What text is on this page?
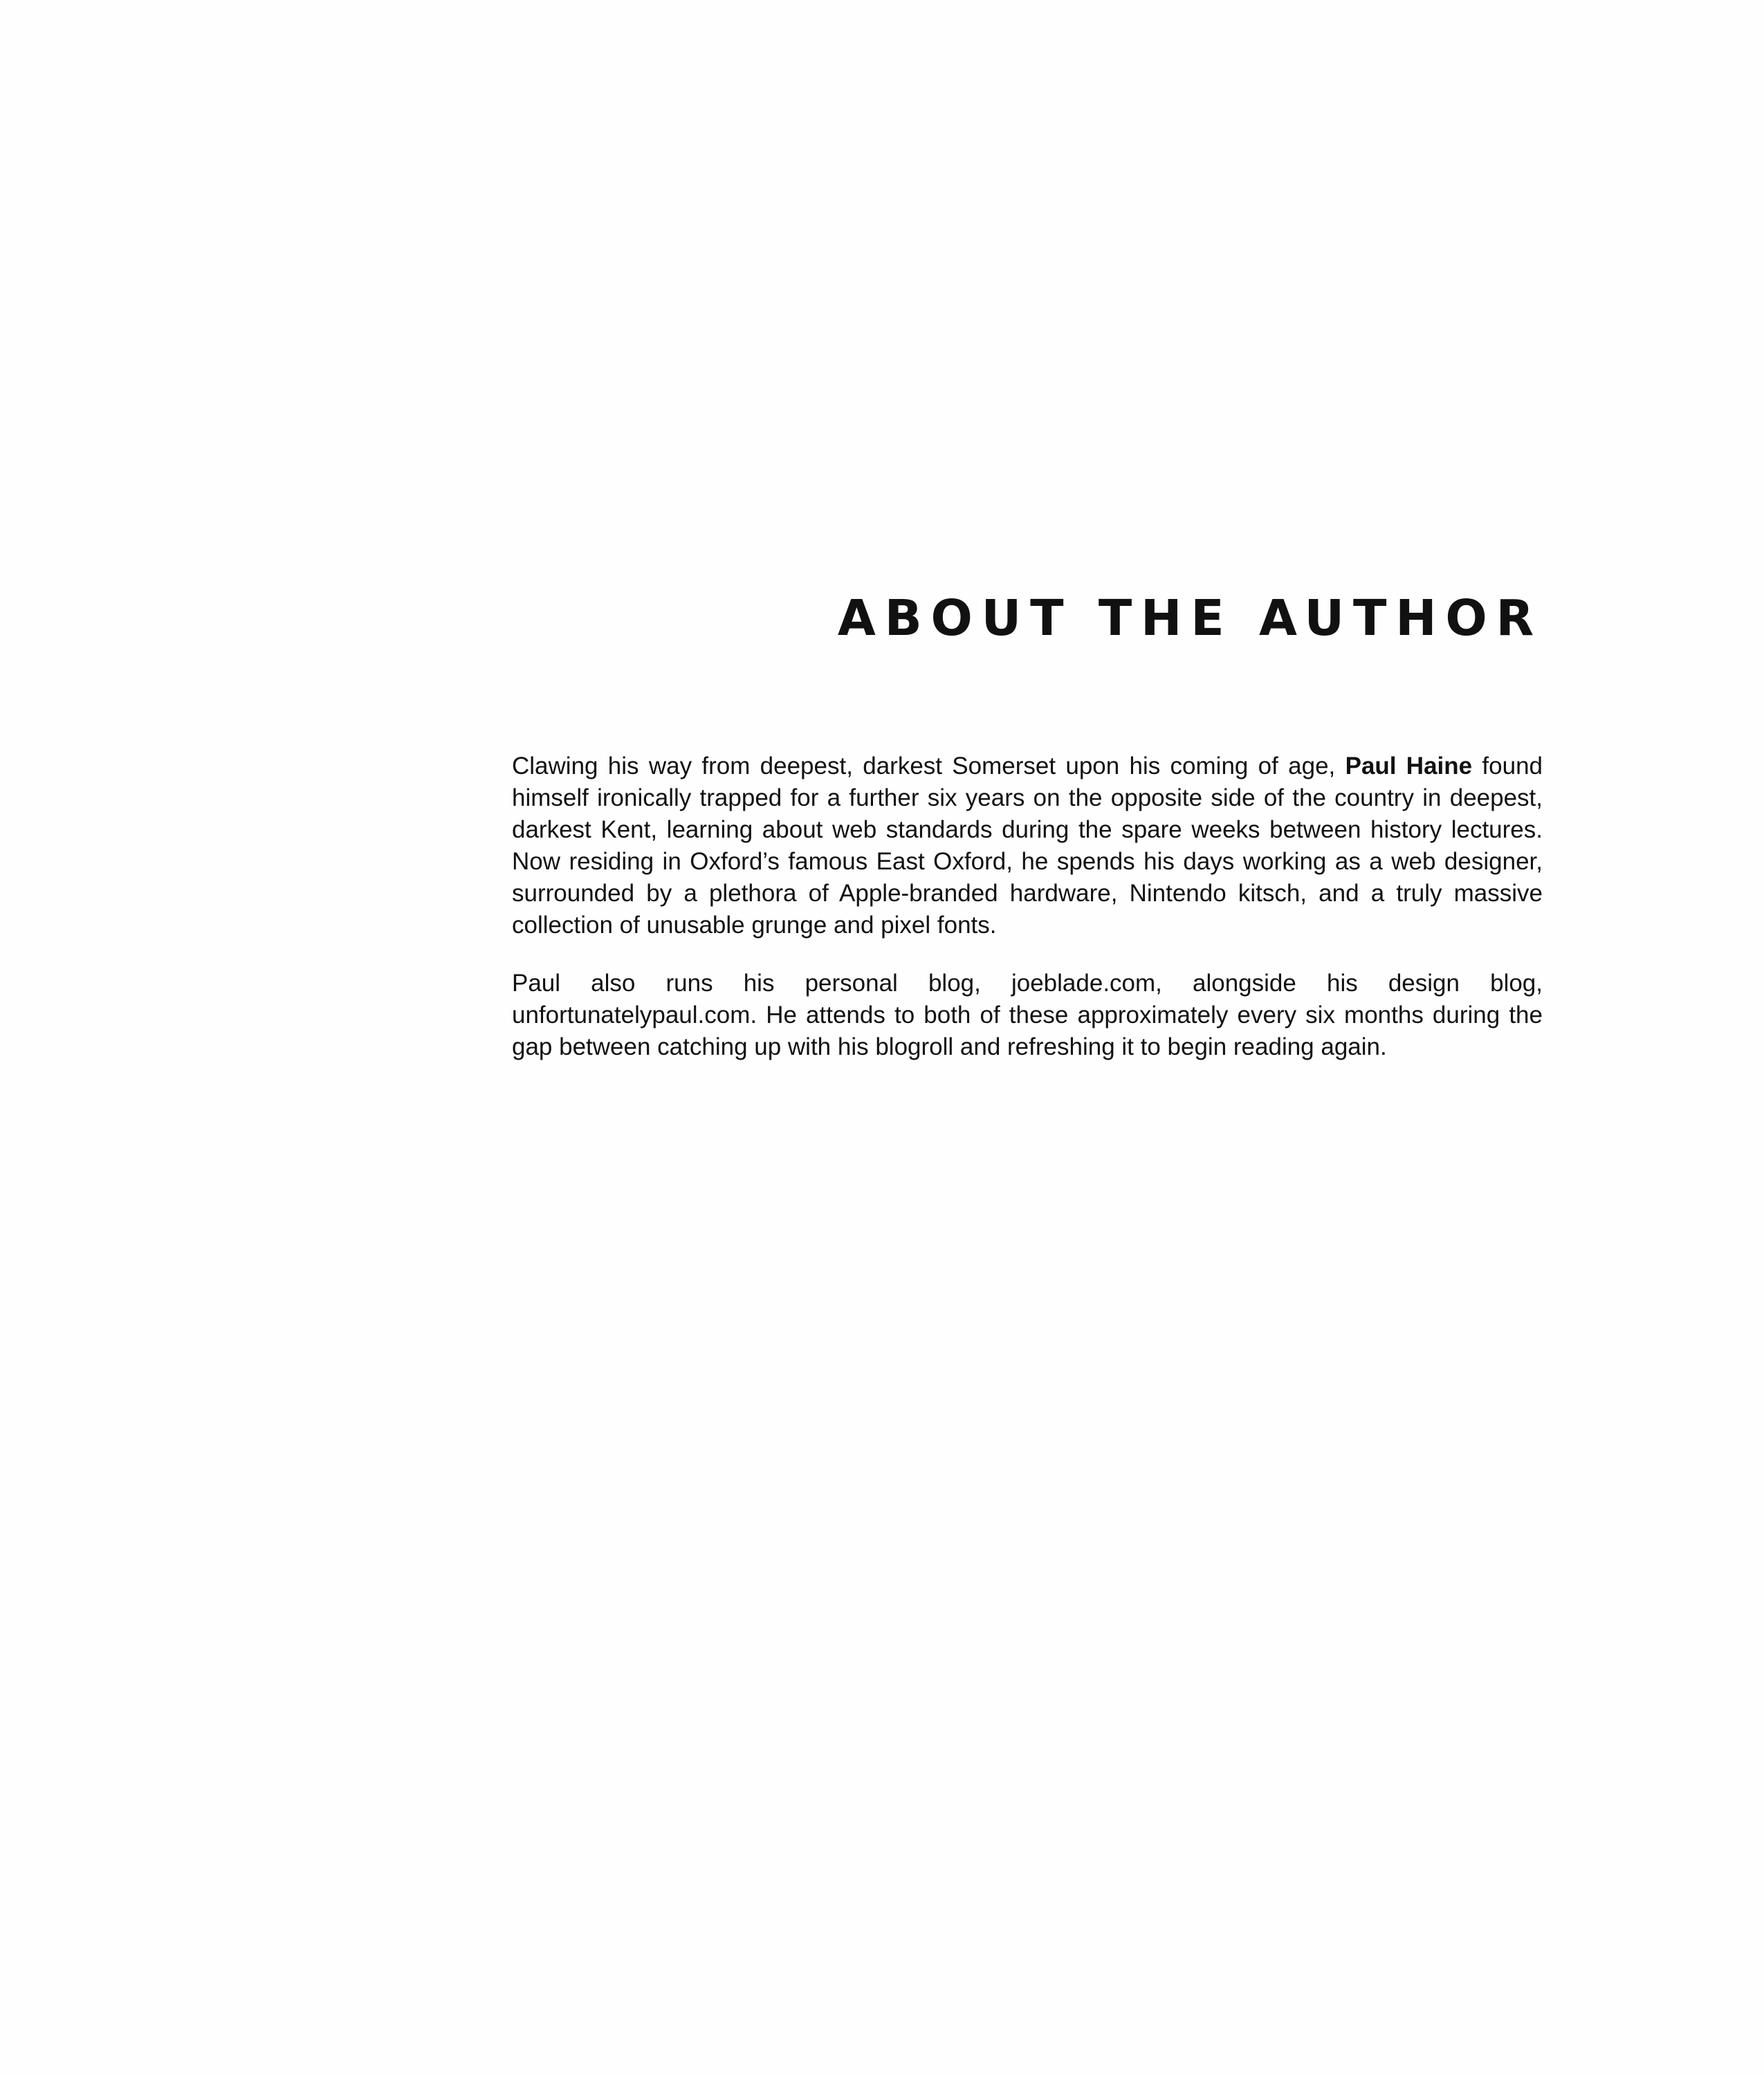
ABOUT THE AUTHOR

Clawing his way from deepest, darkest Somerset upon his coming of age, Paul Haine found himself ironically trapped for a further six years on the opposite side of the country in deepest, darkest Kent, learning about web standards during the spare weeks between history lectures. Now residing in Oxford’s famous East Oxford, he spends his days working as a web designer, surrounded by a plethora of Apple-branded hardware, Nintendo kitsch, and a truly massive collection of unusable grunge and pixel fonts.

Paul also runs his personal blog, joeblade.com, alongside his design blog, unfortunatelypaul.com. He attends to both of these approximately every six months during the gap between catching up with his blogroll and refreshing it to begin reading again.
